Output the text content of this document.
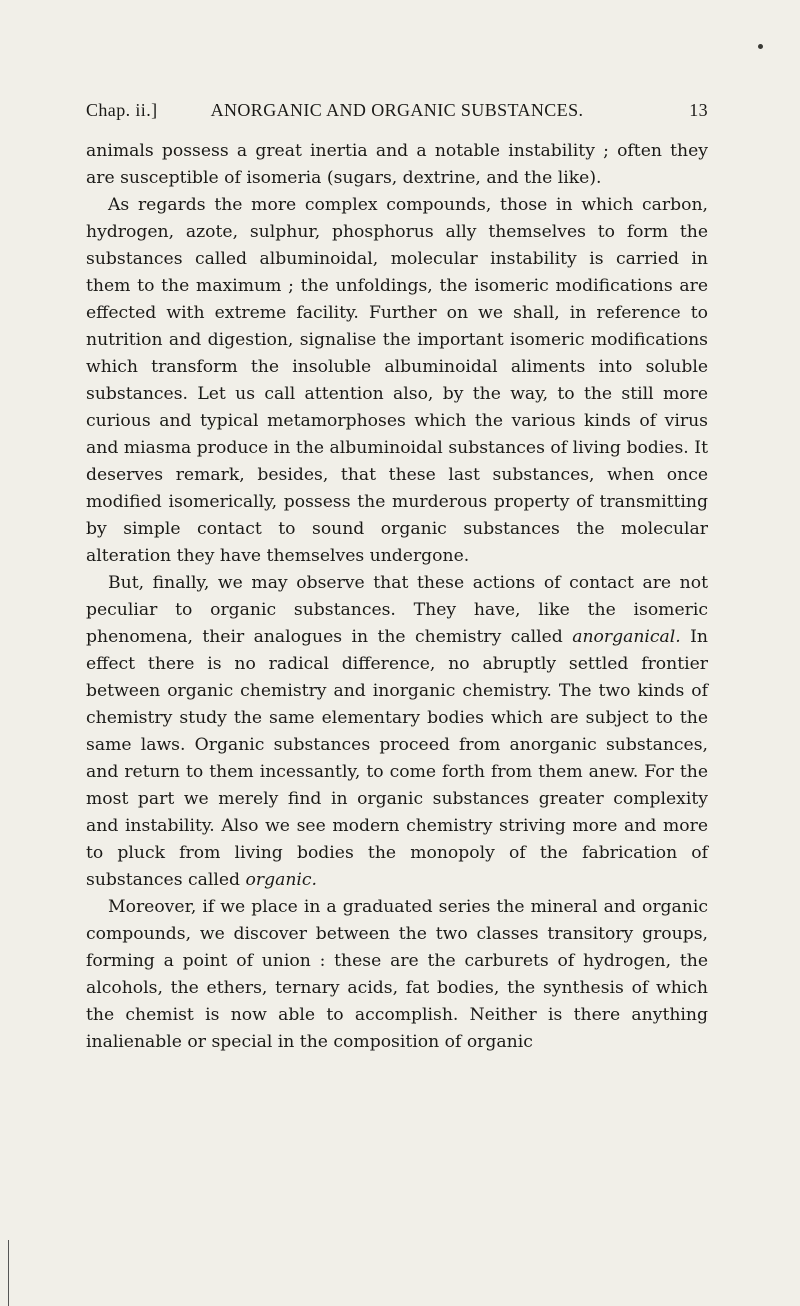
Chap. ii.]	ANORGANIC AND ORGANIC SUBSTANCES.	13

animals possess a great inertia and a notable instability ; often they are susceptible of isomeria (sugars, dextrine, and the like).

As regards the more complex compounds, those in which carbon, hydrogen, azote, sulphur, phosphorus ally themselves to form the substances called albuminoidal, molecular instability is carried in them to the maximum ; the unfoldings, the isomeric modifications are effected with extreme facility. Further on we shall, in reference to nutrition and digestion, signalise the important isomeric modifications which transform the insoluble albuminoidal aliments into soluble substances. Let us call attention also, by the way, to the still more curious and typical metamorphoses which the various kinds of virus and miasma produce in the albuminoidal substances of living bodies. It deserves remark, besides, that these last substances, when once modified isomerically, possess the murderous property of transmitting by simple contact to sound organic substances the molecular alteration they have themselves undergone.

But, finally, we may observe that these actions of contact are not peculiar to organic substances. They have, like the isomeric phenomena, their analogues in the chemistry called anorganical. In effect there is no radical difference, no abruptly settled frontier between organic chemistry and inorganic chemistry. The two kinds of chemistry study the same elementary bodies which are subject to the same laws. Organic substances proceed from anorganic substances, and return to them incessantly, to come forth from them anew. For the most part we merely find in organic substances greater complexity and instability. Also we see modern chemistry striving more and more to pluck from living bodies the monopoly of the fabrication of substances called organic.

Moreover, if we place in a graduated series the mineral and organic compounds, we discover between the two classes transitory groups, forming a point of union : these are the carburets of hydrogen, the alcohols, the ethers, ternary acids, fat bodies, the synthesis of which the chemist is now able to accomplish. Neither is there anything inalienable or special in the composition of organic
